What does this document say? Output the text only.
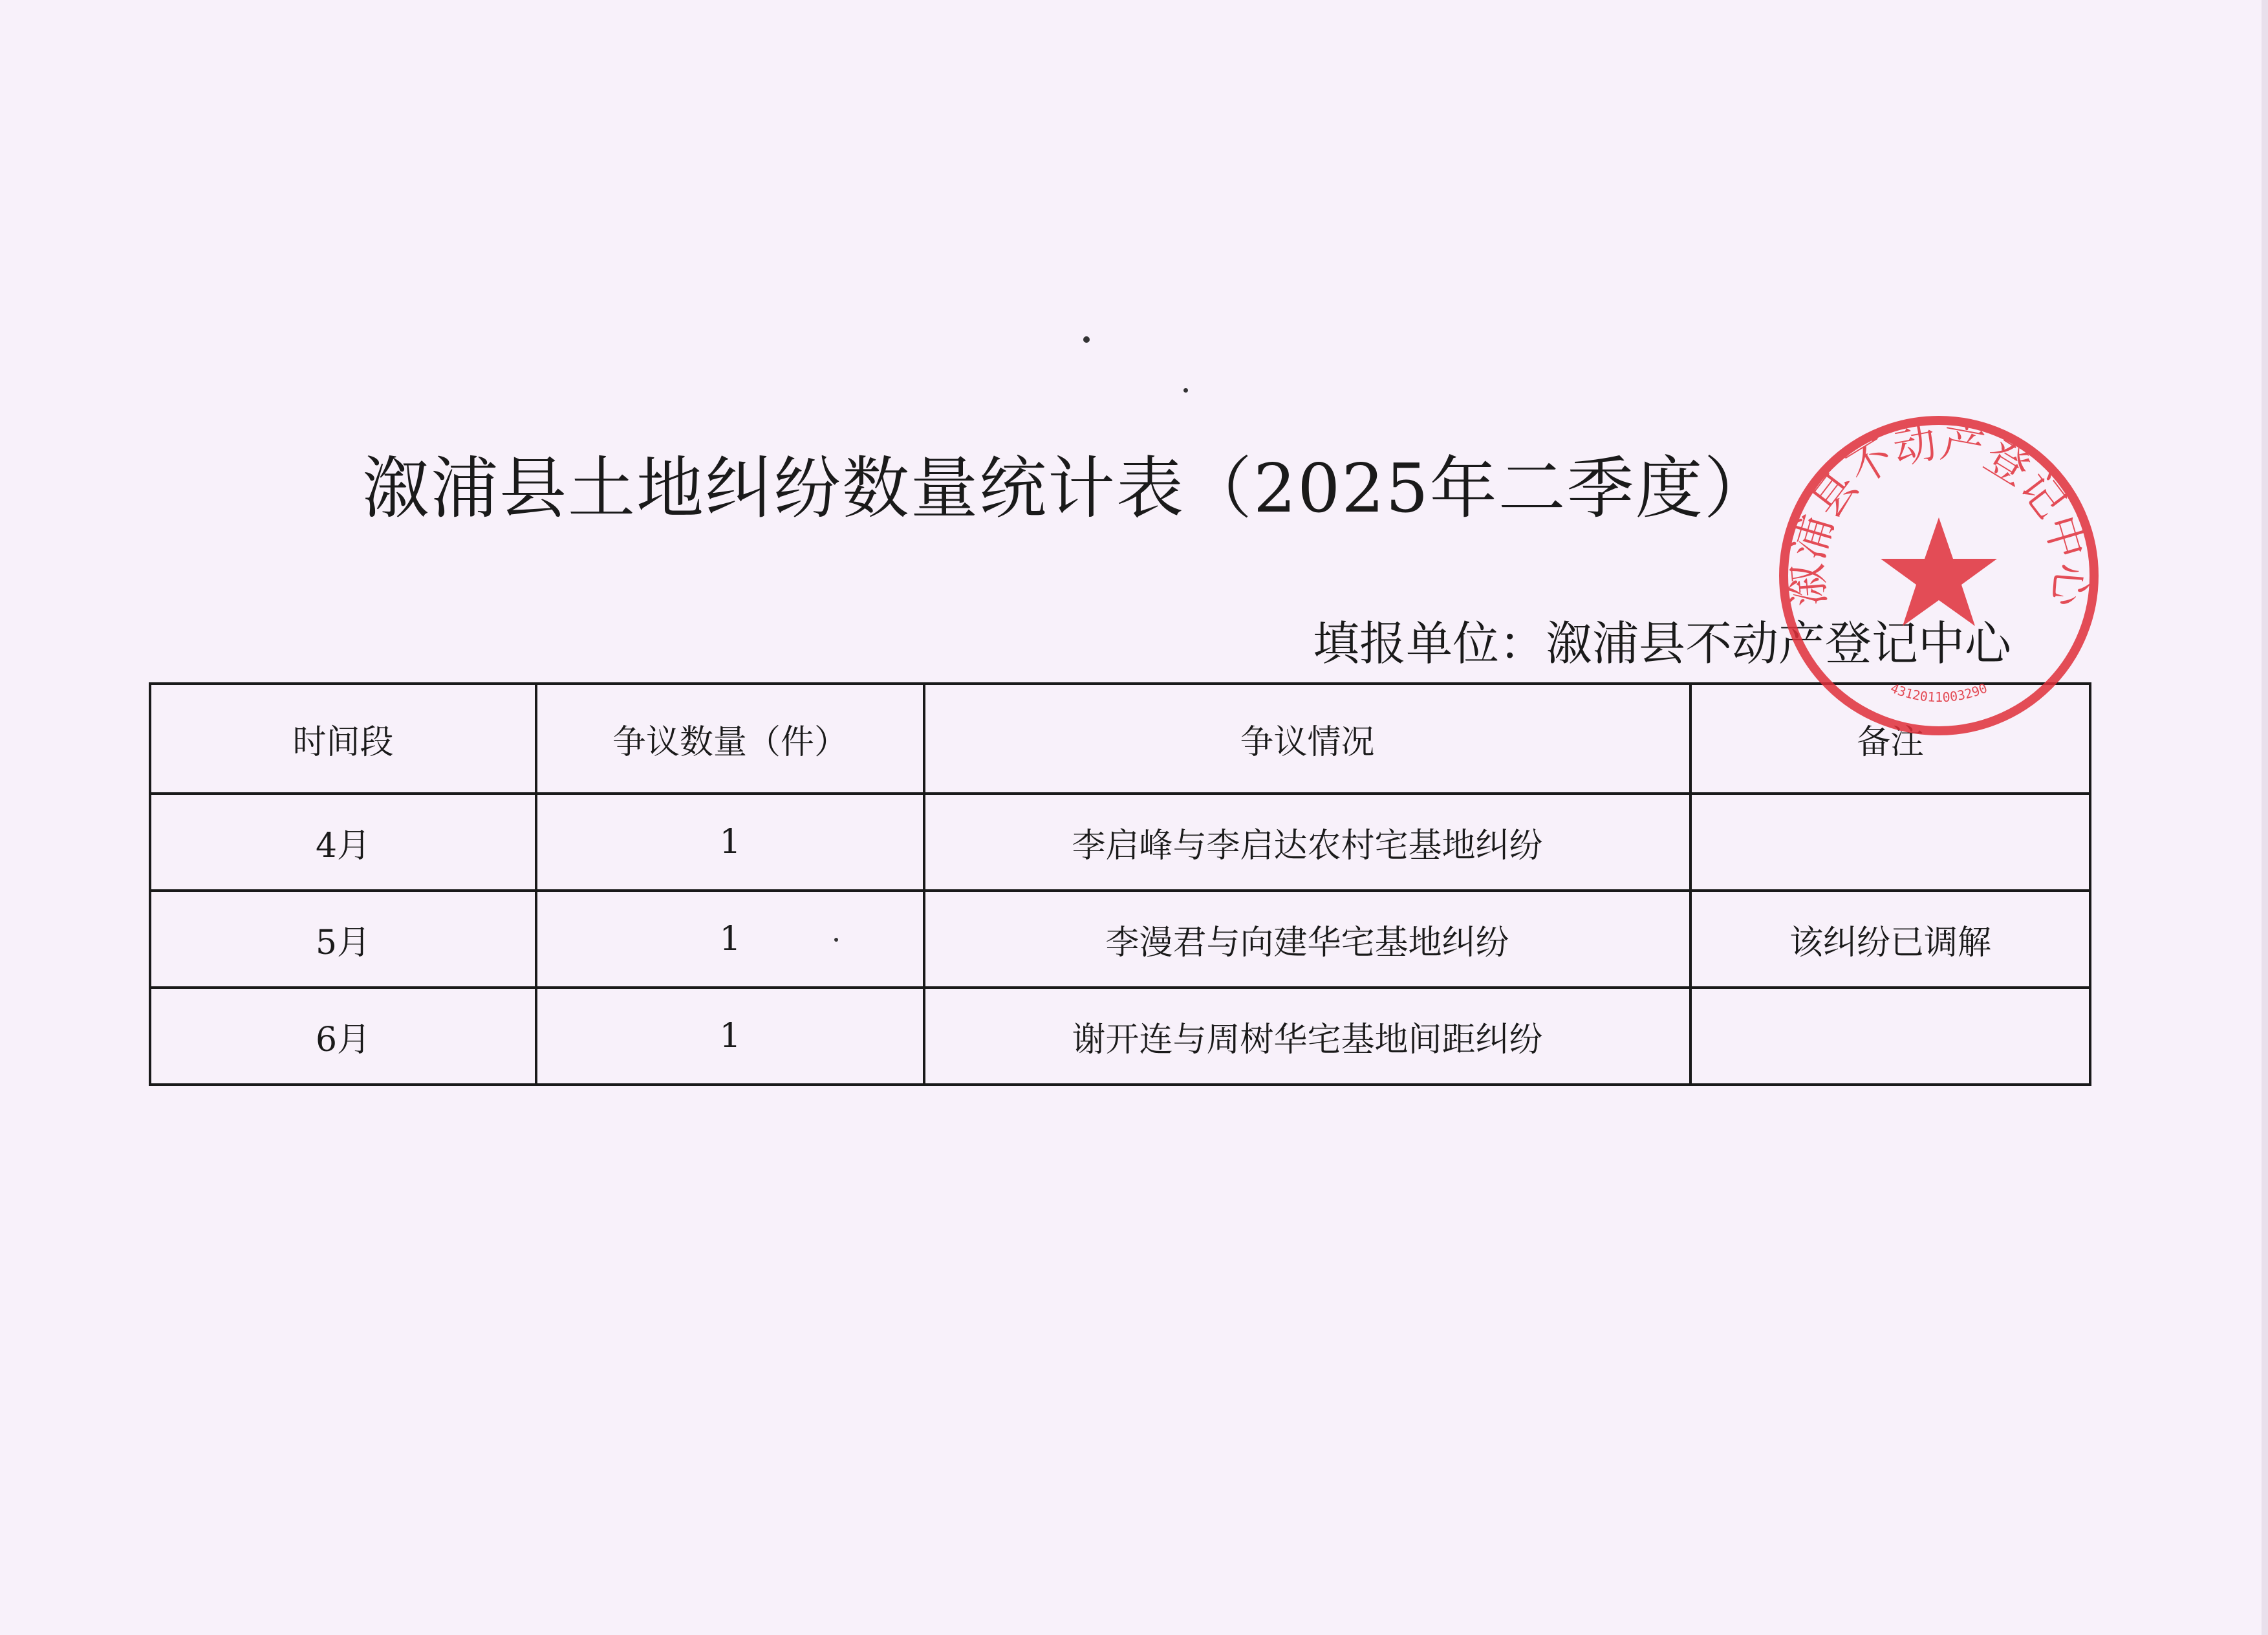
溆浦县土地纠纷数量统计表（2025年二季度）
填报单位：溆浦县不动产登记中心
时间段	争议数量（件）	争议情况	备注
4月	1	李启峰与李启达农村宅基地纠纷	
5月	1	李漫君与向建华宅基地纠纷	该纠纷已调解
6月	1	谢开连与周树华宅基地间距纠纷	
溆浦县不动产登记中心
4312011003290
